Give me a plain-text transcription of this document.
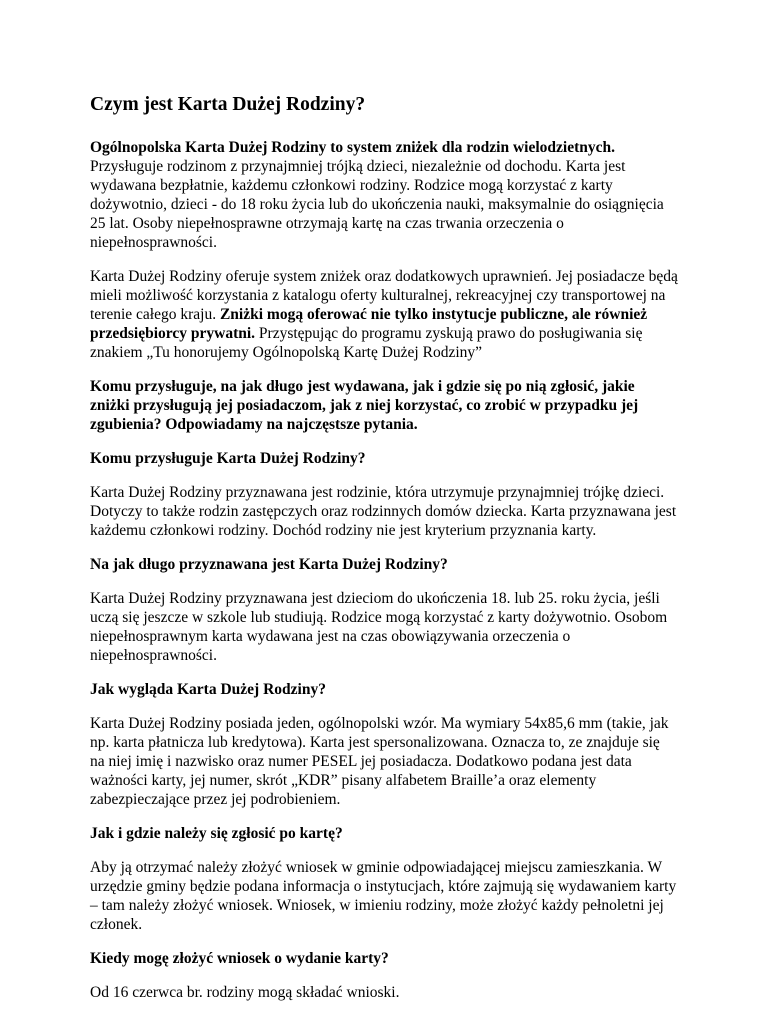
Czym jest Karta Dużej Rodziny?

Ogólnopolska Karta Dużej Rodziny to system zniżek dla rodzin wielodzietnych. Przysługuje rodzinom z przynajmniej trójką dzieci, niezależnie od dochodu. Karta jest wydawana bezpłatnie, każdemu członkowi rodziny. Rodzice mogą korzystać z karty dożywotnio, dzieci - do 18 roku życia lub do ukończenia nauki, maksymalnie do osiągnięcia 25 lat. Osoby niepełnosprawne otrzymają kartę na czas trwania orzeczenia o niepełnosprawności.

Karta Dużej Rodziny oferuje system zniżek oraz dodatkowych uprawnień. Jej posiadacze będą mieli możliwość korzystania z katalogu oferty kulturalnej, rekreacyjnej czy transportowej na terenie całego kraju. Zniżki mogą oferować nie tylko instytucje publiczne, ale również przedsiębiorcy prywatni. Przystępując do programu zyskują prawo do posługiwania się znakiem „Tu honorujemy Ogólnopolską Kartę Dużej Rodziny”

Komu przysługuje, na jak długo jest wydawana, jak i gdzie się po nią zgłosić, jakie zniżki przysługują jej posiadaczom, jak z niej korzystać, co zrobić w przypadku jej zgubienia? Odpowiadamy na najczęstsze pytania.

Komu przysługuje Karta Dużej Rodziny?

Karta Dużej Rodziny przyznawana jest rodzinie, która utrzymuje przynajmniej trójkę dzieci. Dotyczy to także rodzin zastępczych oraz rodzinnych domów dziecka. Karta przyznawana jest każdemu członkowi rodziny. Dochód rodziny nie jest kryterium przyznania karty.

Na jak długo przyznawana jest Karta Dużej Rodziny?

Karta Dużej Rodziny przyznawana jest dzieciom do ukończenia 18. lub 25. roku życia, jeśli uczą się jeszcze w szkole lub studiują. Rodzice mogą korzystać z karty dożywotnio. Osobom niepełnosprawnym karta wydawana jest na czas obowiązywania orzeczenia o niepełnosprawności.

Jak wygląda Karta Dużej Rodziny?

Karta Dużej Rodziny posiada jeden, ogólnopolski wzór. Ma wymiary 54x85,6 mm (takie, jak np. karta płatnicza lub kredytowa). Karta jest spersonalizowana. Oznacza to, ze znajduje się na niej imię i nazwisko oraz numer PESEL jej posiadacza. Dodatkowo podana jest data ważności karty, jej numer, skrót „KDR” pisany alfabetem Braille’a oraz elementy zabezpieczające przez jej podrobieniem.

Jak i gdzie należy się zgłosić po kartę?

Aby ją otrzymać należy złożyć wniosek w gminie odpowiadającej miejscu zamieszkania. W urzędzie gminy będzie podana informacja o instytucjach, które zajmują się wydawaniem karty – tam należy złożyć wniosek. Wniosek, w imieniu rodziny, może złożyć każdy pełnoletni jej członek.

Kiedy mogę złożyć wniosek o wydanie karty?

Od 16 czerwca br. rodziny mogą składać wnioski.
